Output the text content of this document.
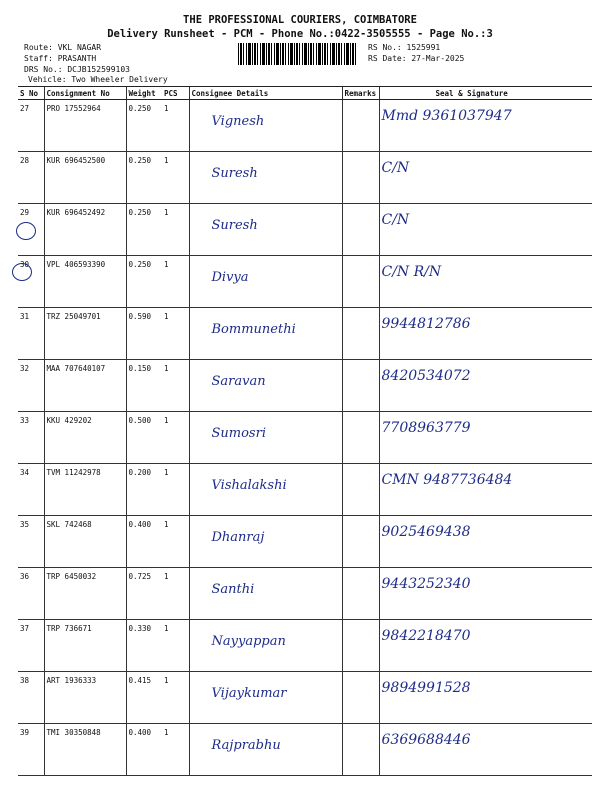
THE PROFESSIONAL COURIERS, COIMBATORE
Delivery Runsheet - PCM - Phone No.:0422-3505555 - Page No.:3
Route: VKL NAGAR
Staff: PRASANTH
DRS No.: DCJB152599103
Vehicle: Two Wheeler Delivery
RS No.: 1525991
RS Date: 27-Mar-2025
S No	Consignment No	Weight	PCS	Consignee Details	Remarks	Seal & Signature
27	PRO 17552964	0.250	1	Vignesh		Mmd 9361037947
28	KUR 696452500	0.250	1	Suresh		C/N
29	KUR 696452492	0.250	1	Suresh		C/N
30	VPL 406593390	0.250	1	Divya		C/N R/N
31	TRZ 25049701	0.590	1	Bommunethi		9944812786
32	MAA 707640107	0.150	1	Saravan		8420534072
33	KKU 429202	0.500	1	Sumosri		7708963779
34	TVM 11242978	0.200	1	Vishalakshi		CMN 9487736484
35	SKL 742468	0.400	1	Dhanraj		9025469438
36	TRP 6450032	0.725	1	Santhi		9443252340
37	TRP 736671	0.330	1	Nayyappan		9842218470
38	ART 1936333	0.415	1	Vijaykumar		9894991528
39	TMI 30350848	0.400	1	Rajprabhu		6369688446
